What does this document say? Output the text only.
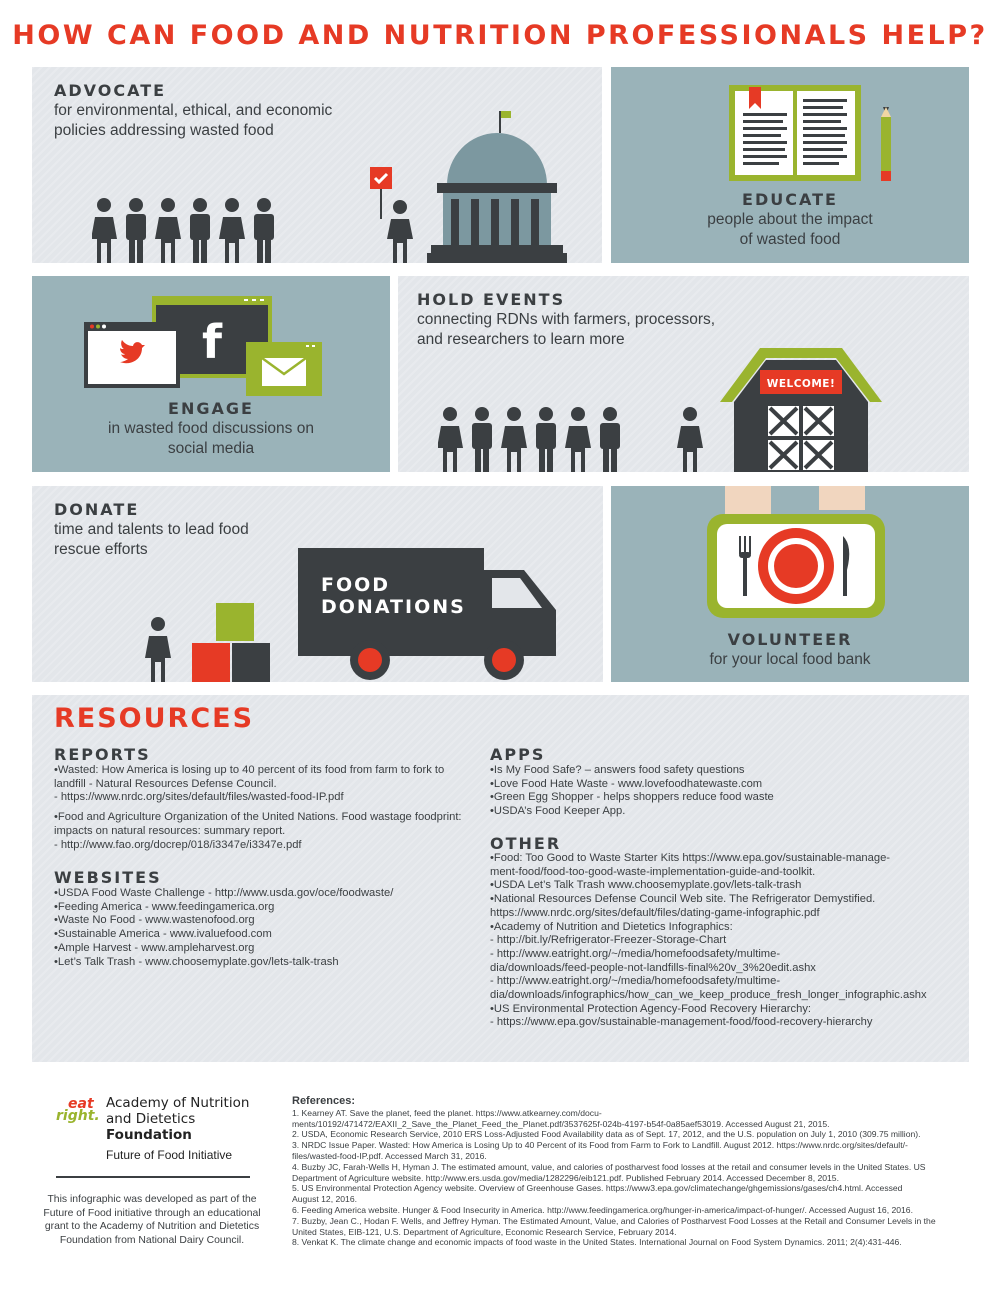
HOW CAN FOOD AND NUTRITION PROFESSIONALS HELP?
ADVOCATE
for environmental, ethical, and economic
policies addressing wasted food
EDUCATE
people about the impact
of wasted food
f
ENGAGE
in wasted food discussions on
social media
HOLD EVENTS
connecting RDNs with farmers, processors,
and researchers to learn more
WELCOME!
DONATE
time and talents to lead food
rescue efforts
FOOD
DONATIONS
VOLUNTEER
for your local food bank
RESOURCES
REPORTS
•Wasted: How America is losing up to 40 percent of its food from farm to fork to
landfill - Natural Resources Defense Council.
- https://www.nrdc.org/sites/default/files/wasted-food-IP.pdf
•Food and Agriculture Organization of the United Nations. Food wastage foodprint:
impacts on natural resources: summary report.
- http://www.fao.org/docrep/018/i3347e/i3347e.pdf
WEBSITES
•USDA Food Waste Challenge - http://www.usda.gov/oce/foodwaste/
•Feeding America - www.feedingamerica.org
•Waste No Food - www.wastenofood.org
•Sustainable America - www.ivaluefood.com
•Ample Harvest - www.ampleharvest.org
•Let’s Talk Trash - www.choosemyplate.gov/lets-talk-trash
APPS
•Is My Food Safe? – answers food safety questions
•Love Food Hate Waste - www.lovefoodhatewaste.com
•Green Egg Shopper - helps shoppers reduce food waste
•USDA’s Food Keeper App.
OTHER
•Food: Too Good to Waste Starter Kits https://www.epa.gov/sustainable-manage-
ment-food/food-too-good-waste-implementation-guide-and-toolkit.
•USDA Let’s Talk Trash www.choosemyplate.gov/lets-talk-trash
•National Resources Defense Council Web site. The Refrigerator Demystified.
https://www.nrdc.org/sites/default/files/dating-game-infographic.pdf
•Academy of Nutrition and Dietetics Infographics:
- http://bit.ly/Refrigerator-Freezer-Storage-Chart
- http://www.eatright.org/~/media/homefoodsafety/multime-
dia/downloads/feed-people-not-landfills-final%20v_3%20edit.ashx
- http://www.eatright.org/~/media/homefoodsafety/multime-
dia/downloads/infographics/how_can_we_keep_produce_fresh_longer_infographic.ashx
•US Environmental Protection Agency-Food Recovery Hierarchy:
- https://www.epa.gov/sustainable-management-food/food-recovery-hierarchy
eat
right.
Academy of Nutrition
and Dietetics
Foundation
Future of Food Initiative
This infographic was developed as part of the
Future of Food initiative through an educational
grant to the Academy of Nutrition and Dietetics
Foundation from National Dairy Council.
References:
1. Kearney AT. Save the planet, feed the planet. https://www.atkearney.com/docu-
ments/10192/471472/EAXII_2_Save_the_Planet_Feed_the_Planet.pdf/3537625f-024b-4197-b54f-0a85aef53019. Accessed August 21, 2015.
2. USDA, Economic Research Service, 2010 ERS Loss-Adjusted Food Availability data as of Sept. 17, 2012, and the U.S. population on July 1, 2010 (309.75 million).
3. NRDC Issue Paper. Wasted: How America is Losing Up to 40 Percent of its Food from Farm to Fork to Landfill. August 2012. https://www.nrdc.org/sites/default/-
files/wasted-food-IP.pdf. Accessed March 31, 2016.
4. Buzby JC, Farah-Wells H, Hyman J. The estimated amount, value, and calories of postharvest food losses at the retail and consumer levels in the United States. US
Department of Agriculture website. http://www.ers.usda.gov/media/1282296/eib121.pdf. Published February 2014. Accessed December 8, 2015.
5. US Environmental Protection Agency website. Overview of Greenhouse Gases. https://www3.epa.gov/climatechange/ghgemissions/gases/ch4.html. Accessed
August 12, 2016.
6. Feeding America website. Hunger & Food Insecurity in America. http://www.feedingamerica.org/hunger-in-america/impact-of-hunger/. Accessed August 16, 2016.
7. Buzby, Jean C., Hodan F. Wells, and Jeffrey Hyman. The Estimated Amount, Value, and Calories of Postharvest Food Losses at the Retail and Consumer Levels in the
United States, EIB-121, U.S. Department of Agriculture, Economic Research Service, February 2014.
8. Venkat K. The climate change and economic impacts of food waste in the United States. International Journal on Food System Dynamics. 2011; 2(4):431-446.
